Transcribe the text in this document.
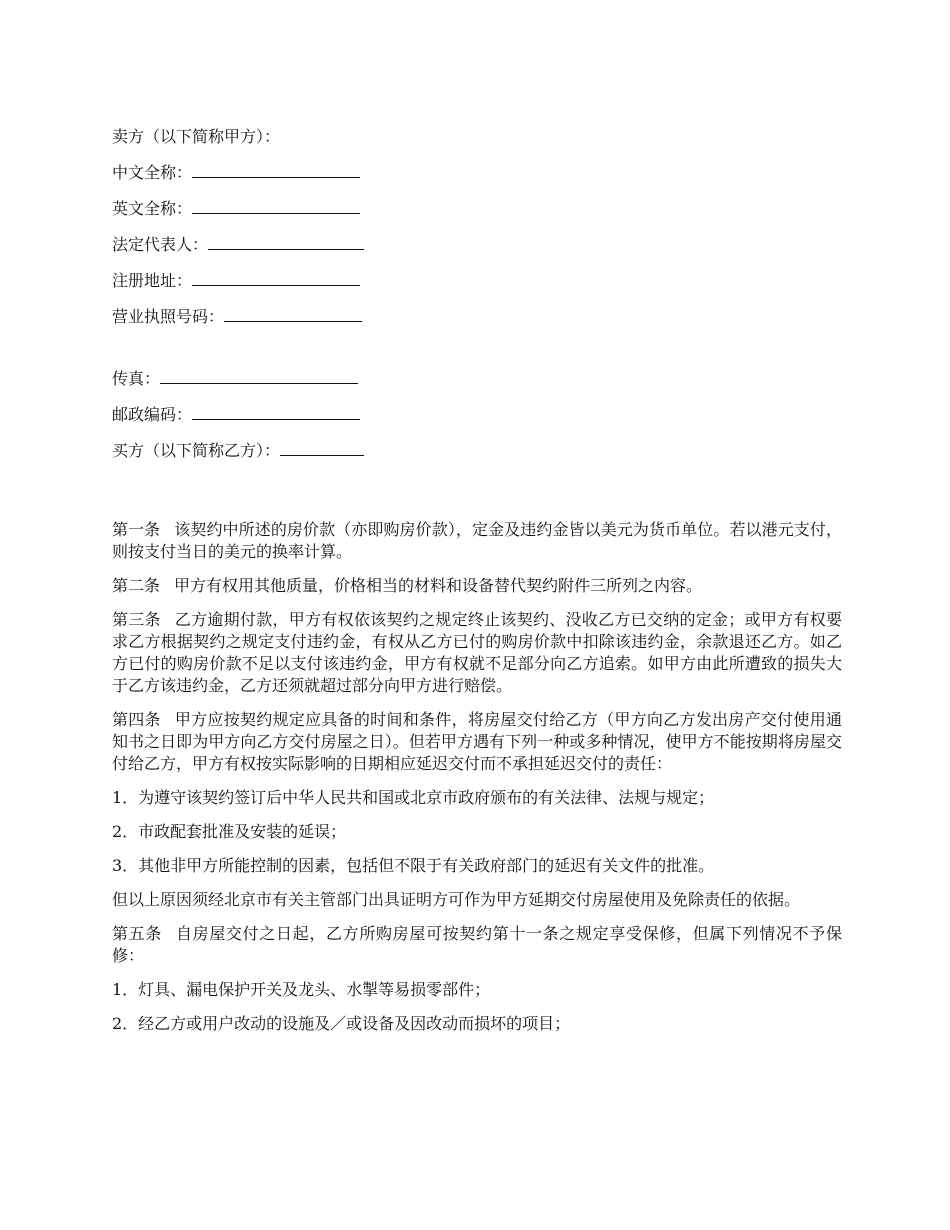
卖方（以下简称甲方）：
中文全称：
英文全称：
法定代表人：
注册地址：
营业执照号码：
传真：
邮政编码：
买方（以下简称乙方）：

第一条 该契约中所述的房价款（亦即购房价款），定金及违约金皆以美元为货币单位。若以港元支付，则按支付当日的美元的换率计算。

第二条 甲方有权用其他质量，价格相当的材料和设备替代契约附件三所列之内容。

第三条 乙方逾期付款，甲方有权依该契约之规定终止该契约、没收乙方已交纳的定金；或甲方有权要求乙方根据契约之规定支付违约金，有权从乙方已付的购房价款中扣除该违约金，余款退还乙方。如乙方已付的购房价款不足以支付该违约金，甲方有权就不足部分向乙方追索。如甲方由此所遭致的损失大于乙方该违约金，乙方还须就超过部分向甲方进行赔偿。

第四条 甲方应按契约规定应具备的时间和条件，将房屋交付给乙方（甲方向乙方发出房产交付使用通知书之日即为甲方向乙方交付房屋之日）。但若甲方遇有下列一种或多种情况，使甲方不能按期将房屋交付给乙方，甲方有权按实际影响的日期相应延迟交付而不承担延迟交付的责任：

1．为遵守该契约签订后中华人民共和国或北京市政府颁布的有关法律、法规与规定；

2．市政配套批准及安装的延误；

3．其他非甲方所能控制的因素，包括但不限于有关政府部门的延迟有关文件的批准。

但以上原因须经北京市有关主管部门出具证明方可作为甲方延期交付房屋使用及免除责任的依据。

第五条 自房屋交付之日起，乙方所购房屋可按契约第十一条之规定享受保修，但属下列情况不予保修：

1．灯具、漏电保护开关及龙头、水掣等易损零部件；

2．经乙方或用户改动的设施及／或设备及因改动而损坏的项目；
